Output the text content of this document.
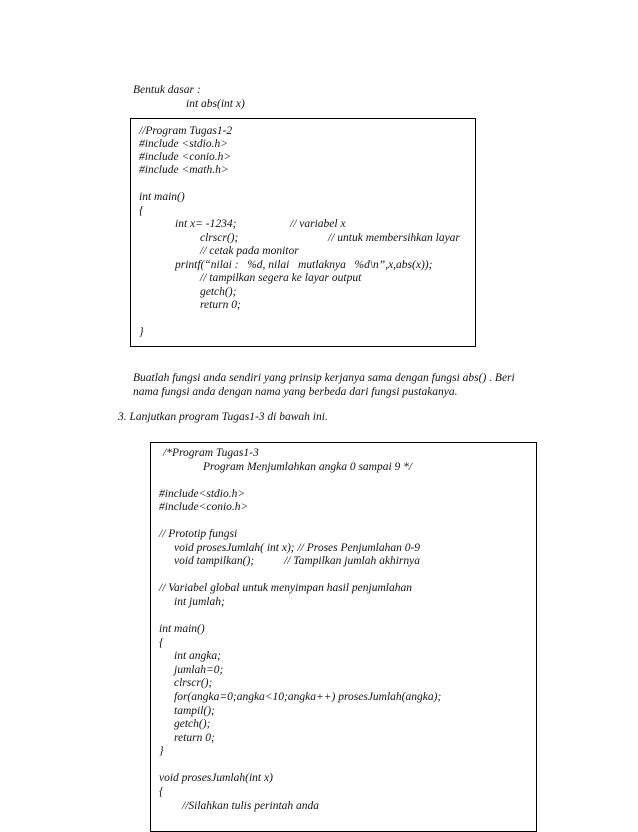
Bentuk dasar :
int abs(int x)
//Program Tugas1-2
#include <stdio.h>
#include <conio.h>
#include <math.h>
int main()
{
int x= -1234;	// variabel x
clrscr();	// untuk membersihkan layar
// cetak pada monitor
printf(“nilai :   %d, nilai   mutlaknya   %d\n”,x,abs(x));
// tampilkan segera ke layar output
getch();
return 0;
}
Buatlah fungsi anda sendiri yang prinsip kerjanya sama dengan fungsi abs() . Beri
nama fungsi anda dengan nama yang berbeda dari fungsi pustakanya.
3. Lanjutkan program Tugas1-3 di bawah ini.
/*Program Tugas1-3
Program Menjumlahkan angka 0 sampai 9 */
#include<stdio.h>
#include<conio.h>
// Prototip fungsi
void prosesJumlah( int x); // Proses Penjumlahan 0-9
void tampilkan();	// Tampilkan jumlah akhirnya
// Variabel global untuk menyimpan hasil penjumlahan
int jumlah;
int main()
{
int angka;
jumlah=0;
clrscr();
for(angka=0;angka<10;angka++) prosesJumlah(angka);
tampil();
getch();
return 0;
}
void prosesJumlah(int x)
{
//Silahkan tulis perintah anda
